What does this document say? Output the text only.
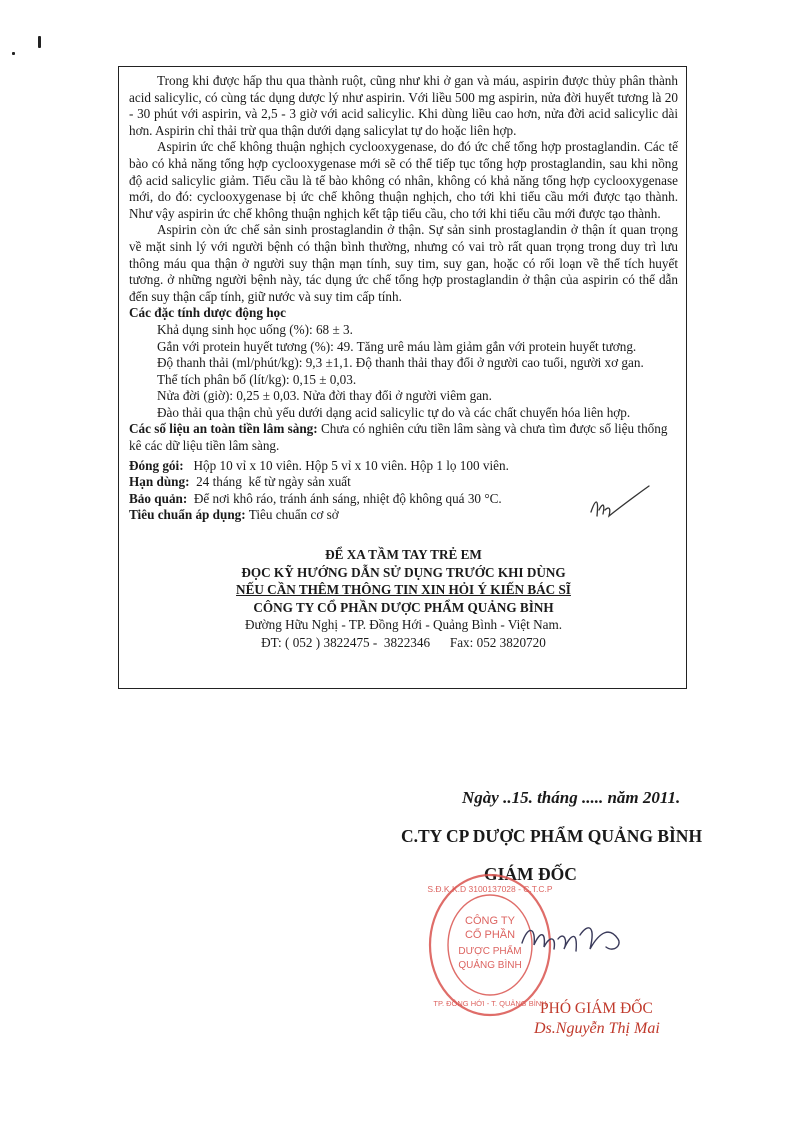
Trong khi được hấp thu qua thành ruột, cũng như khi ở gan và máu, aspirin được thủy phân thành acid salicylic, có cùng tác dụng dược lý như aspirin. Với liều 500 mg aspirin, nửa đời huyết tương là 20 - 30 phút với aspirin, và 2,5 - 3 giờ với acid salicylic. Khi dùng liều cao hơn, nửa đời acid salicylic dài hơn. Aspirin chỉ thải trừ qua thận dưới dạng salicylat tự do hoặc liên hợp.

Aspirin ức chế không thuận nghịch cyclooxygenase, do đó ức chế tổng hợp prostaglandin. Các tế bào có khả năng tổng hợp cyclooxygenase mới sẽ có thể tiếp tục tổng hợp prostaglandin, sau khi nồng độ acid salicylic giảm. Tiểu cầu là tế bào không có nhân, không có khả năng tổng hợp cyclooxygenase mới, do đó: cyclooxygenase bị ức chế không thuận nghịch, cho tới khi tiểu cầu mới được tạo thành. Như vậy aspirin ức chế không thuận nghịch kết tập tiểu cầu, cho tới khi tiểu cầu mới được tạo thành.

Aspirin còn ức chế sản sinh prostaglandin ở thận. Sự sản sinh prostaglandin ở thận ít quan trọng về mặt sinh lý với người bệnh có thận bình thường, nhưng có vai trò rất quan trọng trong duy trì lưu thông máu qua thận ở người suy thận mạn tính, suy tim, suy gan, hoặc có rối loạn về thể tích huyết tương. ở những người bệnh này, tác dụng ức chế tổng hợp prostaglandin ở thận của aspirin có thể dẫn đến suy thận cấp tính, giữ nước và suy tim cấp tính.

Các đặc tính dược động học

Khả dụng sinh học uống (%): 68 ± 3.

Gắn với protein huyết tương (%): 49. Tăng urê máu làm giảm gắn với protein huyết tương.

Độ thanh thải (ml/phút/kg): 9,3 ±1,1. Độ thanh thải thay đổi ở người cao tuổi, người xơ gan.

Thể tích phân bố (lít/kg): 0,15 ± 0,03.

Nửa đời (giờ): 0,25 ± 0,03. Nửa đời thay đổi ở người viêm gan.

Đào thải qua thận chủ yếu dưới dạng acid salicylic tự do và các chất chuyển hóa liên hợp.

Các số liệu an toàn tiền lâm sàng: Chưa có nghiên cứu tiền lâm sàng và chưa tìm được số liệu thống kê các dữ liệu tiền lâm sàng.

Đóng gói:   Hộp 10 vỉ x 10 viên. Hộp 5 vỉ x 10 viên. Hộp 1 lọ 100 viên.

Hạn dùng:  24 tháng  kể từ ngày sản xuất

Bảo quản:  Để nơi khô ráo, tránh ánh sáng, nhiệt độ không quá 30 °C.

Tiêu chuẩn áp dụng: Tiêu chuẩn cơ sở

ĐỂ XA TẦM TAY TRẺ EM

ĐỌC KỸ HƯỚNG DẪN SỬ DỤNG TRƯỚC KHI DÙNG

NẾU CẦN THÊM THÔNG TIN XIN HỎI Ý KIẾN BÁC SĨ

CÔNG TY CỔ PHẦN DƯỢC PHẨM QUẢNG BÌNH

Đường Hữu Nghị - TP. Đồng Hới - Quảng Bình - Việt Nam.

ĐT: ( 052 ) 3822475 -  3822346      Fax: 052 3820720

Ngày ..15. tháng ..... năm 2011.
C.TY CP DƯỢC PHẨM QUẢNG BÌNH
GIÁM ĐỐC
S.Đ.K.K.D 3100137028 - C.T.C.P
CÔNG TY
CỔ PHẦN
DƯỢC PHẨM
QUẢNG BÌNH
TP. ĐỒNG HỚI - T. QUẢNG BÌNH
PHÓ GIÁM ĐỐC
Ds.Nguyễn Thị Mai
